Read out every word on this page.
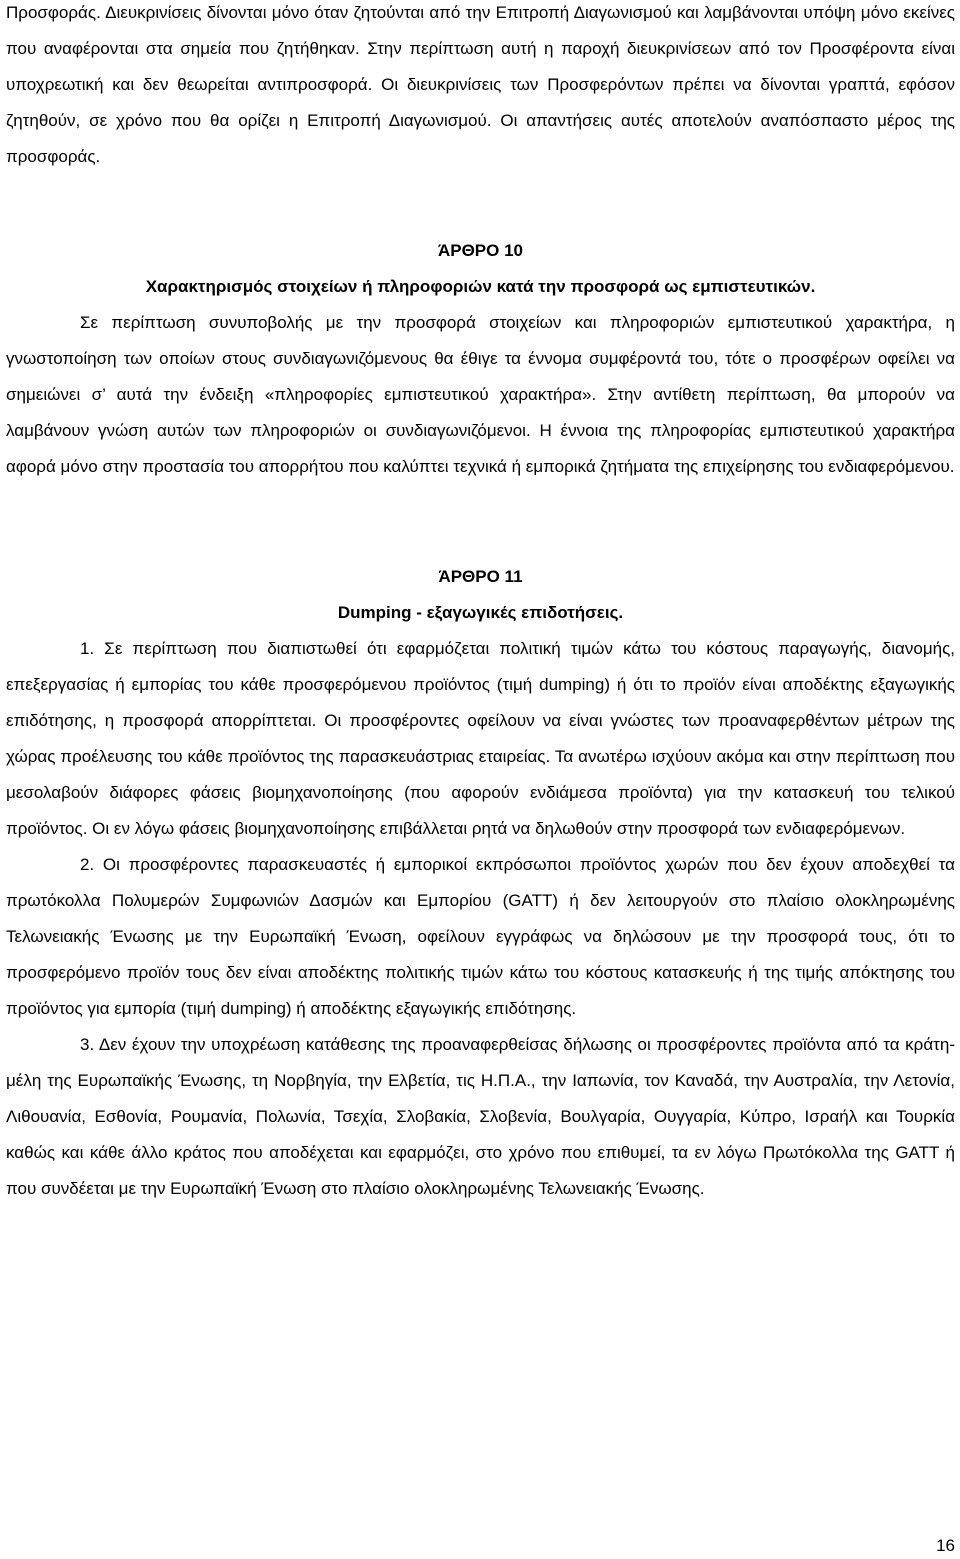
Προσφοράς. Διευκρινίσεις δίνονται μόνο όταν ζητούνται από την Επιτροπή Διαγωνισμού και λαμβάνονται υπόψη μόνο εκείνες που αναφέρονται στα σημεία που ζητήθηκαν. Στην περίπτωση αυτή η παροχή διευκρινίσεων από τον Προσφέροντα είναι υποχρεωτική και δεν θεωρείται αντιπροσφορά. Οι διευκρινίσεις των Προσφερόντων πρέπει να δίνονται γραπτά, εφόσον ζητηθούν, σε χρόνο που θα ορίζει η Επιτροπή Διαγωνισμού. Οι απαντήσεις αυτές αποτελούν αναπόσπαστο μέρος της προσφοράς.

ΆΡΘΡΟ 10
Χαρακτηρισμός στοιχείων ή πληροφοριών κατά την προσφορά ως εμπιστευτικών.

Σε περίπτωση συνυποβολής με την προσφορά στοιχείων και πληροφοριών εμπιστευτικού χαρακτήρα, η γνωστοποίηση των οποίων στους συνδιαγωνιζόμενους θα έθιγε τα έννομα συμφέροντά του, τότε ο προσφέρων οφείλει να σημειώνει σ’ αυτά την ένδειξη «πληροφορίες εμπιστευτικού χαρακτήρα». Στην αντίθετη περίπτωση, θα μπορούν να λαμβάνουν γνώση αυτών των πληροφοριών οι συνδιαγωνιζόμενοι. Η έννοια της πληροφορίας εμπιστευτικού χαρακτήρα αφορά μόνο στην προστασία του απορρήτου που καλύπτει τεχνικά ή εμπορικά ζητήματα της επιχείρησης του ενδιαφερόμενου.

ΆΡΘΡΟ 11
Dumping - εξαγωγικές επιδοτήσεις.

1. Σε περίπτωση που διαπιστωθεί ότι εφαρμόζεται πολιτική τιμών κάτω του κόστους παραγωγής, διανομής, επεξεργασίας ή εμπορίας του κάθε προσφερόμενου προϊόντος (τιμή dumping) ή ότι το προϊόν είναι αποδέκτης εξαγωγικής επιδότησης, η προσφορά απορρίπτεται. Οι προσφέροντες οφείλουν να είναι γνώστες των προαναφερθέντων μέτρων της χώρας προέλευσης του κάθε προϊόντος της παρασκευάστριας εταιρείας. Τα ανωτέρω ισχύουν ακόμα και στην περίπτωση που μεσολαβούν διάφορες φάσεις βιομηχανοποίησης (που αφορούν ενδιάμεσα προϊόντα) για την κατασκευή του τελικού προϊόντος. Οι εν λόγω φάσεις βιομηχανοποίησης επιβάλλεται ρητά να δηλωθούν στην προσφορά των ενδιαφερόμενων.

2. Οι προσφέροντες παρασκευαστές ή εμπορικοί εκπρόσωποι προϊόντος χωρών που δεν έχουν αποδεχθεί τα πρωτόκολλα Πολυμερών Συμφωνιών Δασμών και Εμπορίου (GATT) ή δεν λειτουργούν στο πλαίσιο ολοκληρωμένης Τελωνειακής Ένωσης με την Ευρωπαϊκή Ένωση, οφείλουν εγγράφως να δηλώσουν με την προσφορά τους, ότι το προσφερόμενο προϊόν τους δεν είναι αποδέκτης πολιτικής τιμών κάτω του κόστους κατασκευής ή της τιμής απόκτησης του προϊόντος για εμπορία (τιμή dumping) ή αποδέκτης εξαγωγικής επιδότησης.

3. Δεν έχουν την υποχρέωση κατάθεσης της προαναφερθείσας δήλωσης οι προσφέροντες προϊόντα από τα κράτη-μέλη της Ευρωπαϊκής Ένωσης, τη Νορβηγία, την Ελβετία, τις Η.Π.Α., την Ιαπωνία, τον Καναδά, την Αυστραλία, την Λετονία, Λιθουανία, Εσθονία, Ρουμανία, Πολωνία, Τσεχία, Σλοβακία, Σλοβενία, Βουλγαρία, Ουγγαρία, Κύπρο, Ισραήλ και Τουρκία καθώς και κάθε άλλο κράτος που αποδέχεται και εφαρμόζει, στο χρόνο που επιθυμεί, τα εν λόγω Πρωτόκολλα της GATT ή που συνδέεται με την Ευρωπαϊκή Ένωση στο πλαίσιο ολοκληρωμένης Τελωνειακής Ένωσης.

16
